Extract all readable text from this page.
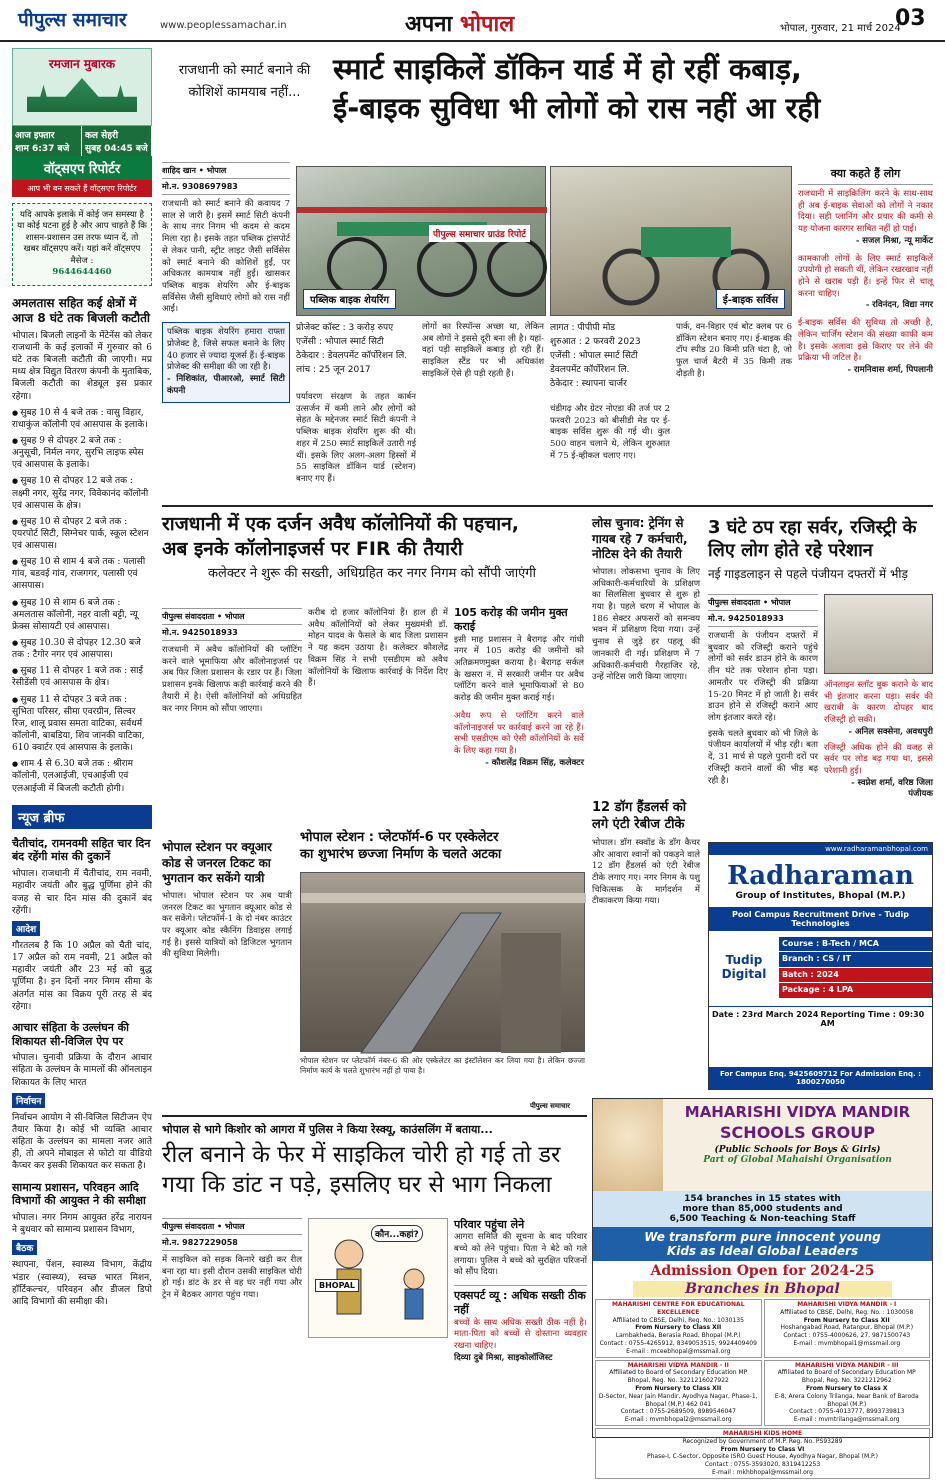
पीपुल्स समाचार	www.peoplessamachar.in	अपना भोपाल	भोपाल, गुरुवार, 21 मार्च 2024
03
रमजान मुबारक
आज इफ्तार
शाम 6:37 बजे
कल सेहरी
सुबह 04:45 बजे
वॉट्सएप रिपोर्टर
आप भी बन सकते हैं वॉट्सएप रिपोर्टर
यदि आपके इलाके में कोई जन समस्या है या कोई घटना हुई है और आप चाहते हैं कि शासन-प्रशासन उस तरफ ध्यान दें, तो खबर वॉट्सएप करें। यहां करें वॉट्सएप मैसेज :
9644644460
अमलतास सहित कई क्षेत्रों में आज 8 घंटे तक बिजली कटौती

भोपाल। बिजली लाइनों के मेंटेनेंस को लेकर राजधानी के कई इलाकों में गुरुवार को 6 घंटे तक बिजली कटौती की जाएगी। मप्र मध्य क्षेत्र विद्युत वितरण कंपनी के मुताबिक, बिजली कटौती का शेड्यूल इस प्रकार रहेगा।

● सुबह 10 से 4 बजे तक : वासु विहार, राधाकुंज कॉलोनी एवं आसपास के इलाके।
● सुबह 9 से दोपहर 2 बजे तक : अनुसूची, निर्मल नगर, सुरभि लाइफ स्पेस एवं आसपास के इलाके।
● सुबह 10 से दोपहर 12 बजे तक : लक्ष्मी नगर, सुरेंद्र नगर, विवेकानंद कॉलोनी एवं आसपास के क्षेत्र।
● सुबह 10 से दोपहर 2 बजे तक : एयरपोर्ट सिटी, सिग्नेचर पार्क, स्कूल स्टेशन एवं आसपास।
● सुबह 10 से शाम 4 बजे तक : पलासी गांव, बडवई गांव, राजगगर, पलासी एवं आसपास।
● सुबह 10 से शाम 6 बजे तक : अमलतास कॉलोनी, नहर वाली बट्टी, न्यू फ्रेक्स सोसायटी एवं आसपास।
● सुबह 10.30 से दोपहर 12.30 बजे तक : टैगोर नगर एवं आसपास।
● सुबह 11 से दोपहर 1 बजे तक : साई रेसीडेंसी एवं आसपास के क्षेत्र।
● सुबह 11 से दोपहर 3 बजे तक : सुभिता परिसर, सीमा एवरग्रीन, सिल्वर रिज, शालू प्रवास समता वाटिका, सर्वधर्म कॉलोनी, बाबडिया, शिव जानकी वाटिका, 610 क्वार्टर एवं आसपास के इलाके।
● शाम 4 से 6.30 बजे तक : श्रीराम कॉलोनी, एलआईजी, एचआईजी एवं एलआईजी में बिजली कटौती होगी।
न्यूज ब्रीफ
चैतीचांद, रामनवमी सहित चार दिन बंद रहेंगी मांस की दुकानें

भोपाल। राजधानी में चैतीचांद, राम नवमी, महावीर जयंती और बुद्ध पूर्णिमा होने की वजह से चार दिन मांस की दुकानें बंद रहेंगी।

आदेश

गौरतलब है कि 10 अप्रैल को चैती चांद, 17 अप्रैल को राम नवमी, 21 अप्रैल को महावीर जयंती और 23 मई को बुद्ध पूर्णिमा है। इन दिनों नगर निगम सीमा के अंतर्गत मांस का विक्रय पूरी तरह से बंद रहेगा।

आचार संहिता के उल्लंघन की शिकायत सी-विजिल ऐप पर

भोपाल। चुनावी प्रक्रिया के दौरान आचार संहिता के उल्लंघन के मामलों की ऑनलाइन शिकायत के लिए भारत

निर्वाचन

निर्वाचन आयोग ने सी-विजिल सिटीजन ऐप तैयार किया है। कोई भी व्यक्ति आचार संहिता के उल्लंघन का मामला नजर आते ही, तो अपने मोबाइल से फोटो या वीडियो कैप्चर कर इसकी शिकायत कर सकता है।

सामान्य प्रशासन, परिवहन आदि विभागों की आयुक्त ने की समीक्षा

भोपाल। नगर निगम आयुक्त हरेंद्र नारायन ने बुधवार को सामान्य प्रशासन विभाग,

बैठक

स्थापना, पेंशन, स्वास्थ्य विभाग, केंद्रीय भंडार (स्वास्थ्य), स्वच्छ भारत मिशन, हॉर्टिकल्चर, परिवहन और डीजल डिपो आदि विभागों की समीक्षा की।

राजधानी को स्मार्ट बनाने की कोशिशें कामयाब नहीं...
स्मार्ट साइकिलें डॉकिन यार्ड में हो रहीं कबाड़,
ई-बाइक सुविधा भी लोगों को रास नहीं आ रही
शाहिद खान • भोपाल
मो.न. 9308697983

राजधानी को स्मार्ट बनाने की कवायद 7 साल से जारी है। इसमें स्मार्ट सिटी कंपनी के साथ नगर निगम भी कदम से कदम मिला रहा है। इसके तहत पब्लिक ट्रांसपोर्ट से लेकर पानी, स्ट्रीट लाइट जैसी सर्विसेस को स्मार्ट बनाने की कोशिशें हुईं, पर अधिकतर कामयाब नहीं हुईं। खासकर पब्लिक बाइक शेयरिंग और ई-बाइक सर्विसेस जैसी सुविधाएं लोगों को रास नहीं आईं।

पब्लिक बाइक शेयरिंग हमारा राफ्ता प्रोजेक्ट है, जिसे सफल बनाने के लिए 40 हजार से ज्यादा यूजर्स हैं। ई-बाइक प्रोजेक्ट की समीक्षा की जा रही है।

- निशिकांत, पीआरओ, स्मार्ट सिटी कंपनी

पीपुल्स समाचार ग्राउंड रिपोर्ट
पब्लिक बाइक शेयरिंग	ई-बाइक सर्विस
प्रोजेक्ट कॉस्ट : 3 करोड़ रुपए
एजेंसी : भोपाल स्मार्ट सिटी
ठेकेदार : डेवलपमेंट कॉर्पोरेशन लि.
लांच : 25 जून 2017

पर्यावरण संरक्षण के तहत कार्बन उत्सर्जन में कमी लाने और लोगों को सेहत के मद्देनजर स्मार्ट सिटी कंपनी ने पब्लिक बाइक शेयरिंग शुरू की थी। शहर में 250 स्मार्ट साइकिलें उतारी गई थीं। इसके लिए अलग-अलग हिस्सों में 55 साइकिल डॉकिन यार्ड (स्टेशन) बनाए गए हैं।

लोगों का रिस्पॉन्स अच्छा था, लेकिन अब लोगों ने इससे दूरी बना ली है। यहां-वहां पड़ी साइकिलें कबाड़ हो रही हैं। साइकिल स्टैंड पर भी अधिकांश साइकिलें ऐसे ही पड़ी रहती हैं।

लागत : पीपीपी मोड
शुरुआत : 2 फरवरी 2023
एजेंसी : भोपाल स्मार्ट सिटी डेवलपमेंट कॉर्पोरेशन लि.
ठेकेदार : स्थापना चार्जर

चंडीगढ़ और ग्रेटर नोएडा की तर्ज पर 2 फरवरी 2023 को बीसीडी मेड पर ई-बाइक सर्विस शुरू की गई थी। कुल 500 वाहन चलाने थे, लेकिन शुरुआत में 75 ई-व्हीकल चलाए गए।

पार्क, वन-विहार एवं बोट क्लब पर 6 डॉकिंग स्टेशन बनाए गए। ई-बाइक की टॉप स्पीड 20 किमी प्रति घंटा है, जो फुल चार्ज बैटरी में 35 किमी तक दौड़ती है।

क्या कहते हैं लोग

राजधानी में साइकिलिंग करने के साथ-साथ ही अब ई-बाइक सेवाओं को लोगों ने नकार दिया। सही प्लानिंग और प्रचार की कमी से यह योजना कारगर साबित नहीं हो पाई।

- सजल मिश्रा, न्यू मार्केट

कामकाजी लोगों के लिए स्मार्ट साइकिलें उपयोगी हो सकती थीं, लेकिन रखरखाव नहीं होने से खराब पड़ी हैं। इन्हें फिर से चालू करना चाहिए।

- रविनंदन, विद्या नगर

ई-बाइक सर्विस की सुविधा तो अच्छी है, लेकिन चार्जिंग स्टेशन की संख्या काफी कम है। इसके अलावा इसे किराए पर लेने की प्रक्रिया भी जटिल है।

- रामनिवास शर्मा, पिपलानी

राजधानी में एक दर्जन अवैध कॉलोनियों की पहचान,
अब इनके कॉलोनाइजर्स पर FIR की तैयारी
कलेक्टर ने शुरू की सख्ती, अधिग्रहित कर नगर निगम को सौंपी जाएंगी
पीपुल्स संवाददाता • भोपाल
मो.न. 9425018933

राजधानी में अवैध कॉलोनियों की प्लॉटिंग करने वाले भूमाफिया और कॉलोनाइजर्स पर अब फिर जिला प्रशासन के रडार पर हैं। जिला प्रशासन इनके खिलाफ कड़ी कार्रवाई करने की तैयारी में है। ऐसी कॉलोनियों को अधिग्रहित कर नगर निगम को सौंपा जाएगा।

करीब दो हजार कॉलोनियां हैं। हाल ही में अवैध कॉलोनियों को लेकर मुख्यमंत्री डॉ. मोहन यादव के फैसले के बाद जिला प्रशासन ने यह कदम उठाया है। कलेक्टर कौशलेंद्र विक्रम सिंह ने सभी एसडीएम को अवैध कॉलोनियों के खिलाफ कार्रवाई के निर्देश दिए हैं।

105 करोड़ की जमीन मुक्त कराई

इसी माह प्रशासन ने बैरागढ़ और गांधी नगर में 105 करोड़ की जमीनों को अतिक्रमणमुक्त कराया है। बैरागढ़ सर्कल के खसरा नं. में सरकारी जमीन पर अवैध प्लॉटिंग करने वाले भूमाफियाओं से 80 करोड़ की जमीन मुक्त कराई गई।

अवैध रूप से प्लॉटिंग करने वाले कॉलोनाइजर्स पर कार्रवाई करने जा रहे हैं। सभी एसडीएम को ऐसी कॉलोनियों के सर्वे के लिए कहा गया है।

- कौशलेंद्र विक्रम सिंह, कलेक्टर

लोस चुनाव: ट्रेनिंग से गायब रहे 7 कर्मचारी, नोटिस देने की तैयारी

भोपाल। लोकसभा चुनाव के लिए अधिकारी-कर्मचारियों के प्रशिक्षण का सिलसिला बुधवार से शुरू हो गया है। पहले चरण में भोपाल के 186 सेक्टर अफसरों को समन्वय भवन में प्रशिक्षण दिया गया। उन्हें चुनाव से जुड़े हर पहलू की जानकारी दी गई। प्रशिक्षण में 7 अधिकारी-कर्मचारी गैरहाजिर रहे, उन्हें नोटिस जारी किया जाएगा।

12 डॉग हैंडलर्स को लगे एंटी रेबीज टीके

भोपाल। डॉग स्क्वॉड के डॉग कैचर और आवारा श्वानों को पकड़ने वाले 12 डॉग हैंडलर्स को एंटी रेबीज टीके लगाए गए। नगर निगम के पशु चिकित्सक के मार्गदर्शन में टीकाकरण किया गया।

3 घंटे ठप रहा सर्वर, रजिस्ट्री के लिए लोग होते रहे परेशान
नई गाइडलाइन से पहले पंजीयन दफ्तरों में भीड़
पीपुल्स संवाददाता • भोपाल
मो.न. 9425018933

राजधानी के पंजीयन दफ्तरों में बुधवार को रजिस्ट्री कराने पहुंचे लोगों को सर्वर डाउन होने के कारण तीन घंटे तक परेशान होना पड़ा। आमतौर पर रजिस्ट्री की प्रक्रिया 15-20 मिनट में हो जाती है। सर्वर डाउन होने से रजिस्ट्री कराने आए लोग इंतजार करते रहे।

इसके चलते बुधवार को भी जिले के पंजीयन कार्यालयों में भीड़ रही। बता दें, 31 मार्च से पहले पुरानी दरों पर रजिस्ट्री कराने वालों की भीड़ बढ़ रही है।

ऑनलाइन स्लॉट बुक कराने के बाद भी इंतजार करना पड़ा। सर्वर की खराबी के कारण दोपहर बाद रजिस्ट्री हो सकी।

- अनिल सक्सेना, अवधपुरी

रजिस्ट्री अधिक होने की वजह से सर्वर पर लोड बढ़ गया था, इससे परेशानी हुई।

- स्वप्नेश शर्मा, वरिष्ठ जिला पंजीयक

भोपाल स्टेशन पर क्यूआर कोड से जनरल टिकट का भुगतान कर सकेंगे यात्री

भोपाल। भोपाल स्टेशन पर अब यात्री जनरल टिकट का भुगतान क्यूआर कोड से कर सकेंगे। प्लेटफॉर्म-1 के दो नंबर काउंटर पर क्यूआर कोड स्कैनिंग डिवाइस लगाई गई है। इससे यात्रियों को डिजिटल भुगतान की सुविधा मिलेगी।

भोपाल स्टेशन : प्लेटफॉर्म-6 पर एस्केलेटर
का शुभारंभ छज्जा निर्माण के चलते अटका

भोपाल स्टेशन पर प्लेटफॉर्म नंबर-6 की ओर एस्केलेटर का इंस्टॉलेशन कर लिया गया है। लेकिन छज्जा निर्माण कार्य के चलते शुभारंभ नहीं हो पाया है।

पीपुल्स समाचार
भोपाल से भागे किशोर को आगरा में पुलिस ने किया रेस्क्यू, काउंसलिंग में बताया...
रील बनाने के फेर में साइकिल चोरी हो गई तो डर गया कि डांट न पड़े, इसलिए घर से भाग निकला
पीपुल्स संवाददाता • भोपाल
मो.न. 9827229058

में साइकिल को सड़क किनारे खड़ी कर रील बना रहा था। इसी दौरान उसकी साइकिल चोरी हो गई। डांट के डर से वह घर नहीं गया और ट्रेन में बैठकर आगरा पहुंच गया।

BHOPAL
कौन...कहां?
परिवार पहुंचा लेने

आगरा समिति की सूचना के बाद परिवार बच्चे को लेने पहुंचा। पिता ने बेटे को गले लगाया। पुलिस ने बच्चे को सुरक्षित परिजनों को सौंप दिया।

एक्सपर्ट व्यू : अधिक सख्ती ठीक नहीं

बच्चों के साथ अधिक सख्ती ठीक नहीं है। माता-पिता को बच्चों से दोस्ताना व्यवहार रखना चाहिए।

दिव्या दुबे मिश्रा, साइकोलॉजिस्ट

www.radharamanbhopal.com
Radharaman
Group of Institutes, Bhopal (M.P.)
Pool Campus Recruitment Drive - Tudip Technologies
Tudip Digital
Course : B-Tech / MCA
Branch : CS / IT
Batch : 2024
Package : 4 LPA
Date : 23rd March 2024 Reporting Time : 09:30 AM
For Campus Enq. 9425609712 For Admission Enq. : 1800270050
MAHARISHI VIDYA MANDIR
SCHOOLS GROUP
(Public Schools for Boys & Girls)
Part of Global Mahaishi Organisation
154 branches in 15 states with
more than 85,000 students and
6,500 Teaching & Non-teaching Staff
We transform pure innocent young
Kids as Ideal Global Leaders
Admission Open for 2024-25
Branches in Bhopal
MAHARISHI CENTRE FOR EDUCATIONAL EXCELLENCE
Affiliated to CBSE, Delhi, Reg. No.: 1030135
From Nursery to Class XII
Lambakheda, Berasia Road, Bhopal (M.P.)
Contact : 0755-4265912, 8349053515, 9924409409
E-mail : mceebhopal@mssmail.org
MAHARISHI VIDYA MANDIR - I
Affiliated to CBSE, Delhi, Reg. No. : 1030058
From Nursery to Class XII
Hoshangabad Road, Ratanpur, Bhopal (M.P.)
Contact : 0755-4000626, 27, 9871500743
E-mail : mvmbhopal1@mssmail.org
MAHARISHI VIDYA MANDIR - II
Affiliated to Board of Secondary Education MP Bhopal, Reg. No. 3221216027922
From Nursery to Class XII
D-Sector, Near Jain Mandir, Ayodhya Nagar, Phase-1, Bhopal (M.P.) 462 041
Contact : 0755-2689509, 8989546047
E-mail : mvmbhopal2@mssmail.org
MAHARISHI VIDYA MANDIR - III
Affiliated to Board of Secondary Education MP Bhopal, Reg. No. 3221212962
From Nursery to Class X
E-8, Arera Colony Trilanga, Near Bank of Baroda Bhopal (M.P.)
Contact : 0755-4013777, 8993739813
E-mail : mvmtrilanga@mssmail.org
MAHARISHI KIDS HOME
Recognized by Government of M.P. Reg. No. PS93289
From Nursery to Class VI
Phase-I, C-Sector, Opposite ISRO Guest House, Ayodhya Nagar, Bhopal (M.P.)
Contact : 0755-3593020, 8319412253
E-mail : mkhbhopal@mssmail.org
